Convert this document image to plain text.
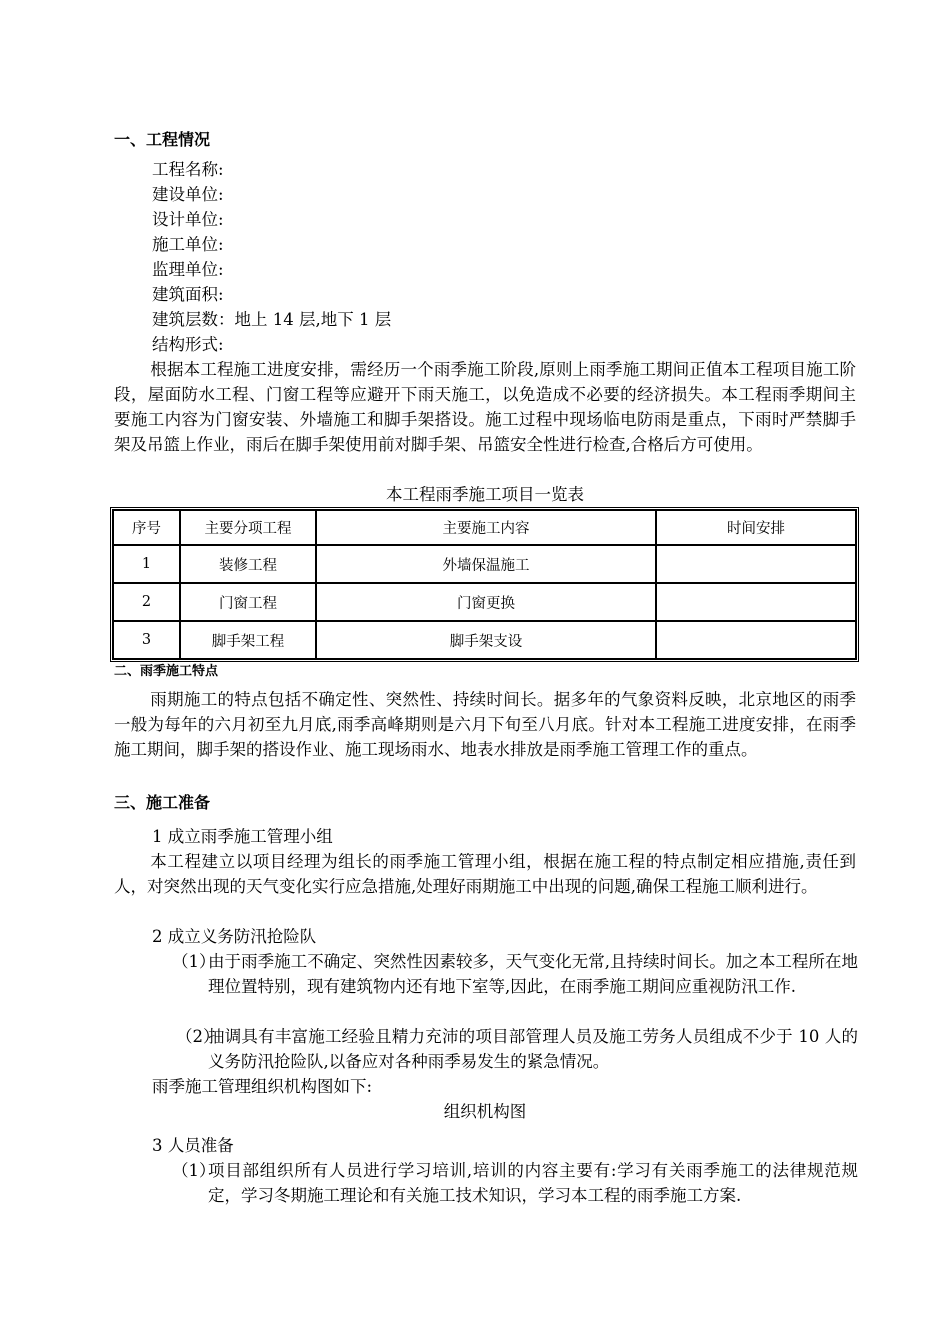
一、工程情况
工程名称:
建设单位:
设计单位:
施工单位:
监理单位:
建筑面积:
建筑层数：地上 14 层,地下 1 层
结构形式:

根据本工程施工进度安排，需经历一个雨季施工阶段,原则上雨季施工期间正值本工程项目施工阶段，屋面防水工程、门窗工程等应避开下雨天施工，以免造成不必要的经济损失。本工程雨季期间主要施工内容为门窗安装、外墙施工和脚手架搭设。施工过程中现场临电防雨是重点，下雨时严禁脚手架及吊篮上作业，雨后在脚手架使用前对脚手架、吊篮安全性进行检查,合格后方可使用。

本工程雨季施工项目一览表
序号	主要分项工程	主要施工内容	时间安排
1	装修工程	外墙保温施工	
2	门窗工程	门窗更换	
3	脚手架工程	脚手架支设	
二、雨季施工特点

雨期施工的特点包括不确定性、突然性、持续时间长。据多年的气象资料反映，北京地区的雨季一般为每年的六月初至九月底,雨季高峰期则是六月下旬至八月底。针对本工程施工进度安排，在雨季施工期间，脚手架的搭设作业、施工现场雨水、地表水排放是雨季施工管理工作的重点。

三、施工准备
1 成立雨季施工管理小组

本工程建立以项目经理为组长的雨季施工管理小组，根据在施工程的特点制定相应措施,责任到人，对突然出现的天气变化实行应急措施,处理好雨期施工中出现的问题,确保工程施工顺利进行。

2 成立义务防汛抢险队
（1）
由于雨季施工不确定、突然性因素较多，天气变化无常,且持续时间长。加之本工程所在地理位置特别，现有建筑物内还有地下室等,因此，在雨季施工期间应重视防汛工作.
（2）
抽调具有丰富施工经验且精力充沛的项目部管理人员及施工劳务人员组成不少于 10 人的义务防汛抢险队,以备应对各种雨季易发生的紧急情况。
雨季施工管理组织机构图如下:
组织机构图
3 人员准备
（1）
项目部组织所有人员进行学习培训,培训的内容主要有:学习有关雨季施工的法律规范规定，学习冬期施工理论和有关施工技术知识，学习本工程的雨季施工方案.
